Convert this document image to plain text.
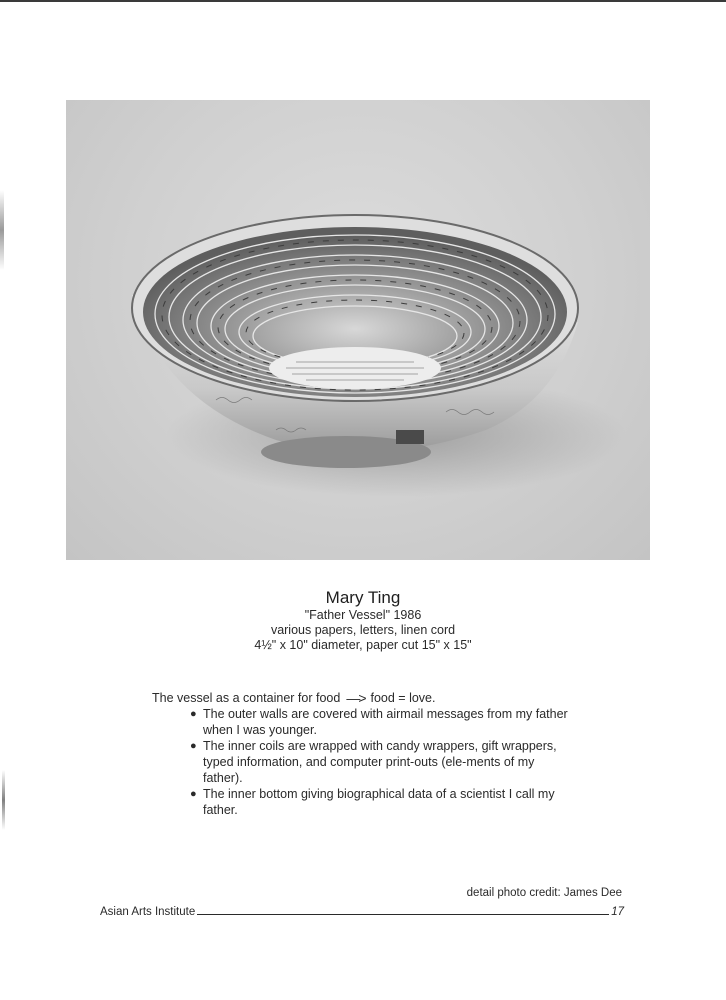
Mary Ting
"Father Vessel" 1986
various papers, letters, linen cord
4½" x 10" diameter, paper cut 15" x 15"
The vessel as a container for food —> food = love.
● The outer walls are covered with airmail messages from my father when I was younger.
● The inner coils are wrapped with candy wrappers, gift wrappers, typed information, and computer print-outs (ele-ments of my father).
● The inner bottom giving biographical data of a scientist I call my father.
detail photo credit: James Dee
Asian Arts Institute	17
